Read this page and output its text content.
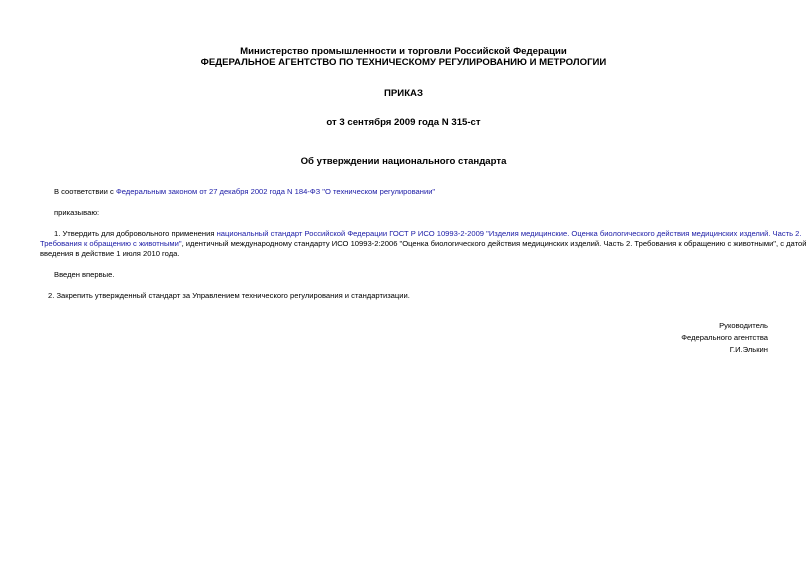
Министерство промышленности и торговли Российской Федерации
ФЕДЕРАЛЬНОЕ АГЕНТСТВО ПО ТЕХНИЧЕСКОМУ РЕГУЛИРОВАНИЮ И МЕТРОЛОГИИ
ПРИКАЗ
от 3 сентября 2009 года N 315-ст
Об утверждении национального стандарта
В соответствии с Федеральным законом от 27 декабря 2002 года N 184-ФЗ "О техническом регулировании"
приказываю:
1. Утвердить для добровольного применения национальный стандарт Российской Федерации ГОСТ Р ИСО 10993-2-2009 "Изделия медицинские. Оценка биологического действия медицинских изделий. Часть 2.
Требования к обращению с животными", идентичный международному стандарту ИСО 10993-2:2006 "Оценка биологического действия медицинских изделий. Часть 2. Требования к обращению с животными", с датой
введения в действие 1 июля 2010 года.
Введен впервые.
2. Закрепить утвержденный стандарт за Управлением технического регулирования и стандартизации.
Руководитель
Федерального агентства
Г.И.Элькин
